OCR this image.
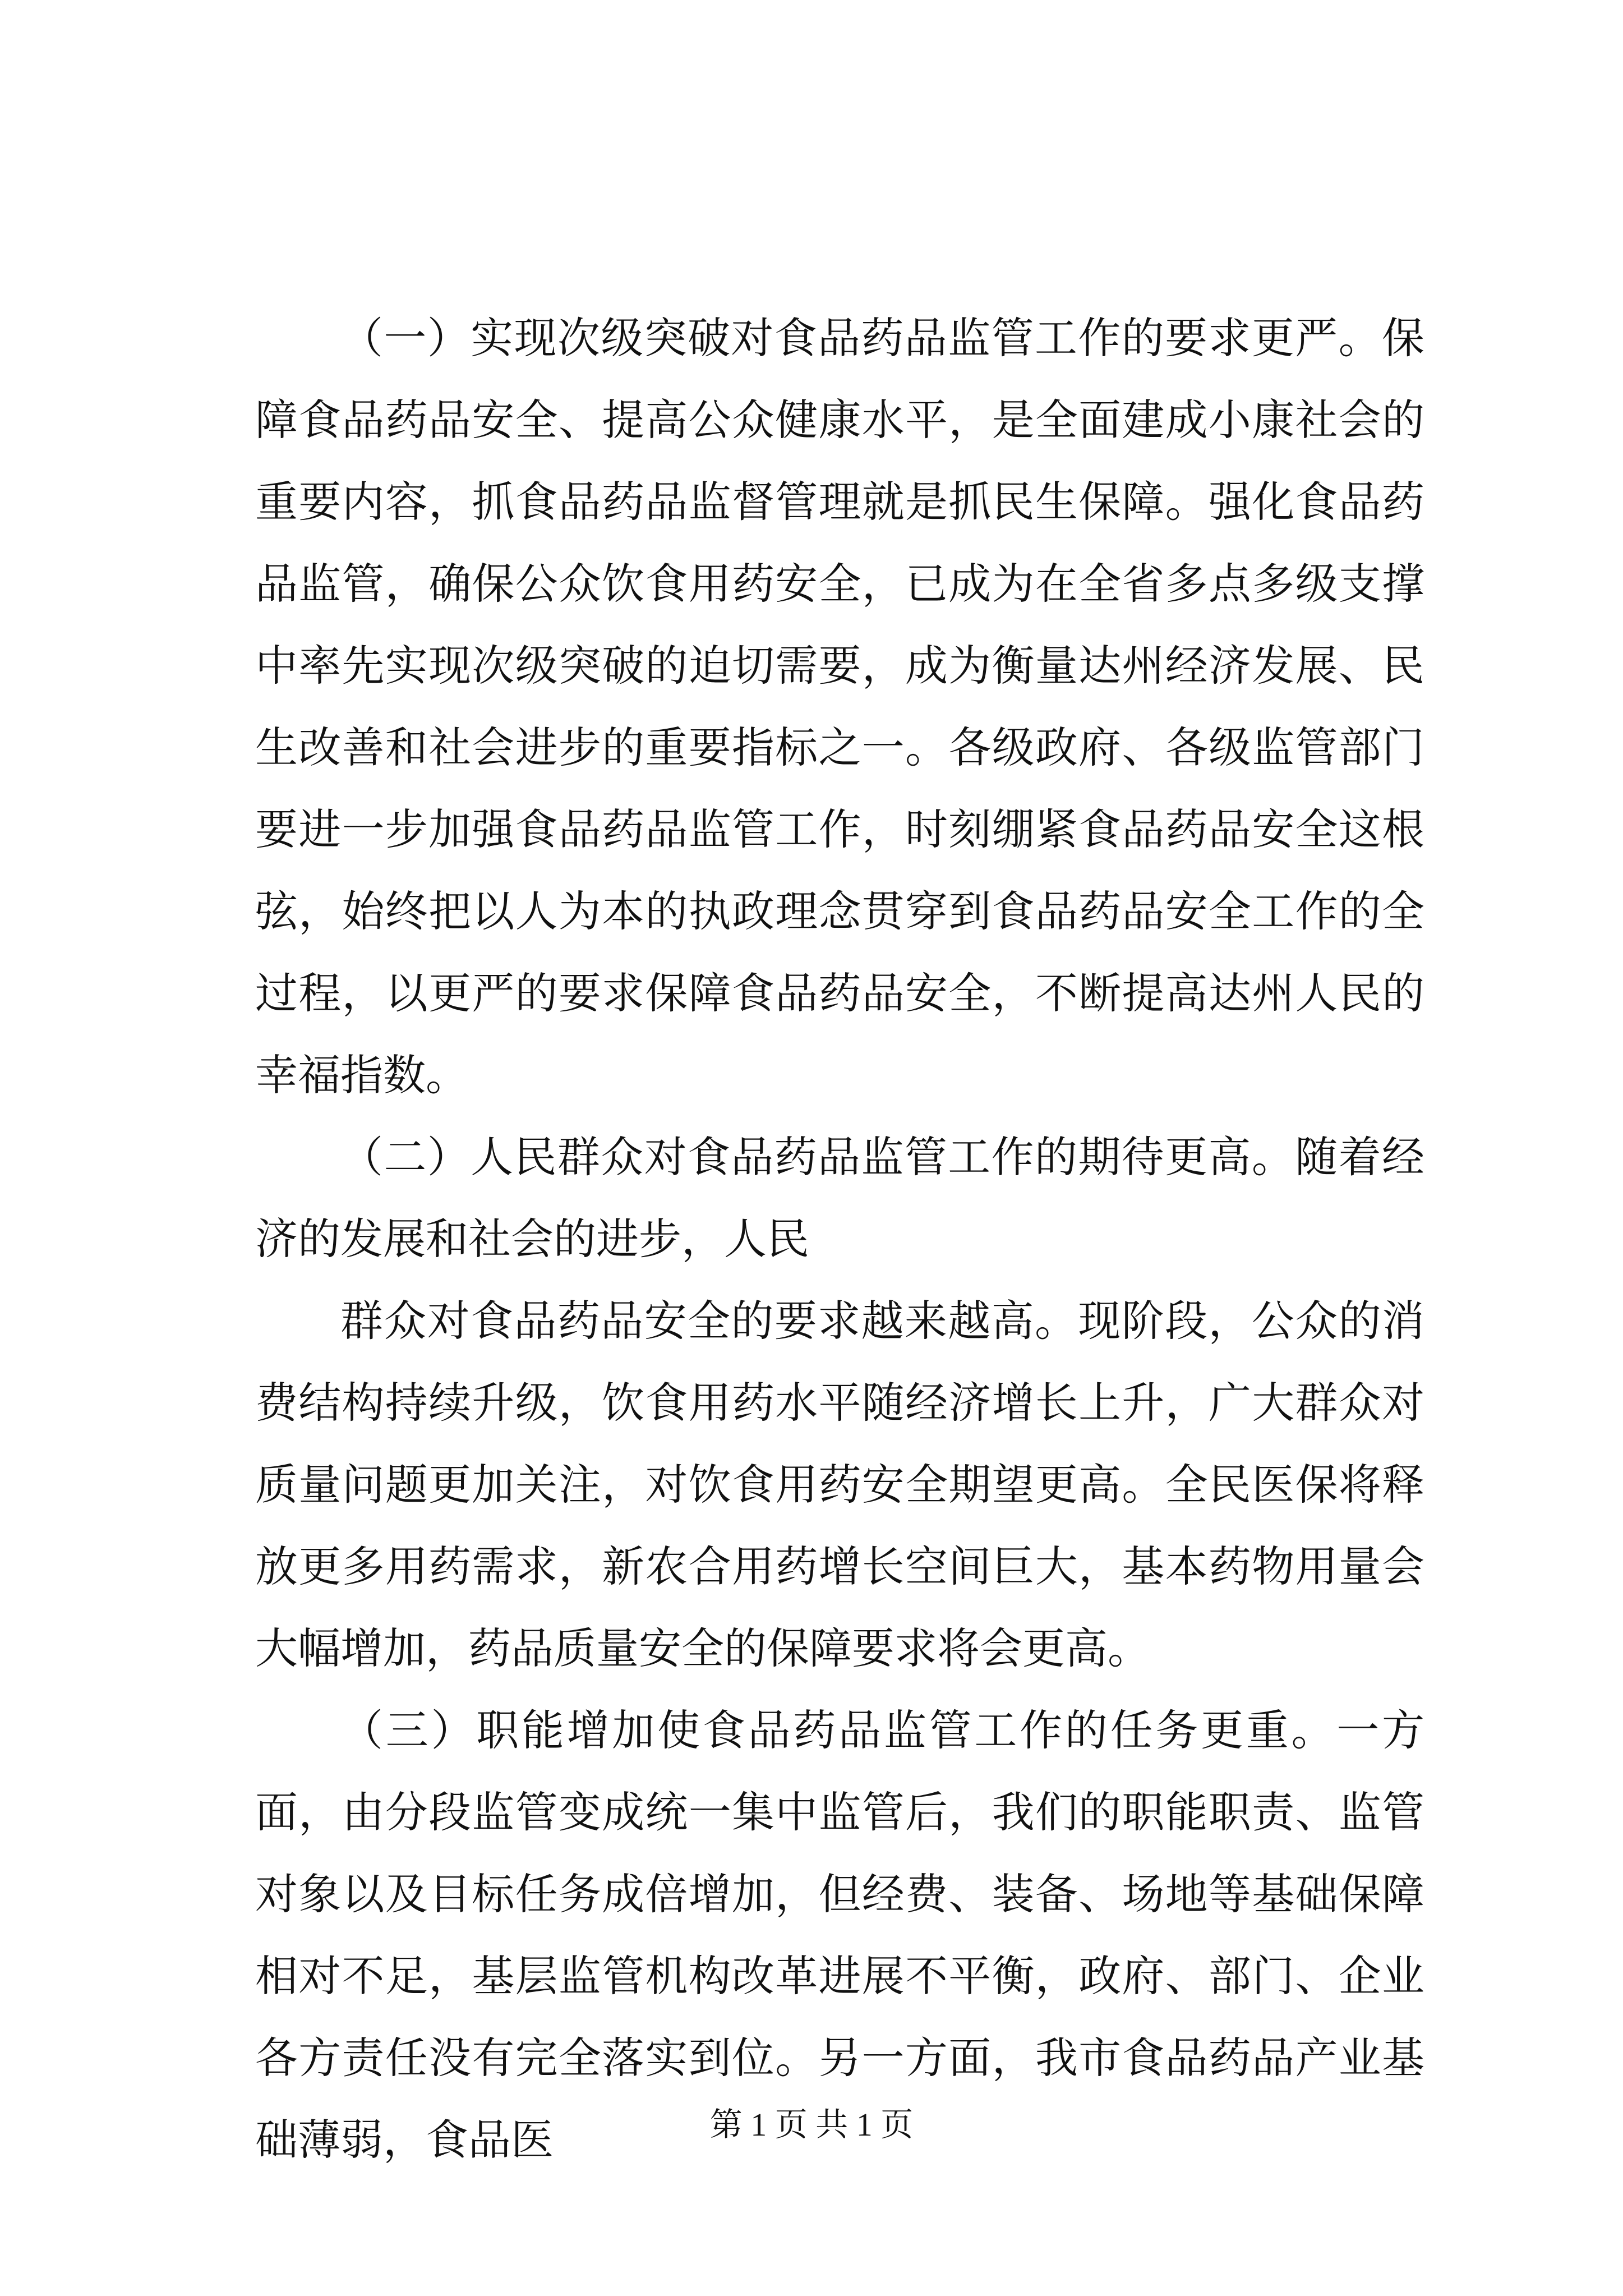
（一）实现次级突破对食品药品监管工作的要求更严。保障食品药品安全、提高公众健康水平，是全面建成小康社会的重要内容，抓食品药品监督管理就是抓民生保障。强化食品药品监管，确保公众饮食用药安全，已成为在全省多点多级支撑中率先实现次级突破的迫切需要，成为衡量达州经济发展、民生改善和社会进步的重要指标之一。各级政府、各级监管部门要进一步加强食品药品监管工作，时刻绷紧食品药品安全这根弦，始终把以人为本的执政理念贯穿到食品药品安全工作的全过程，以更严的要求保障食品药品安全，不断提高达州人民的幸福指数。

（二）人民群众对食品药品监管工作的期待更高。随着经济的发展和社会的进步，人民

群众对食品药品安全的要求越来越高。现阶段，公众的消费结构持续升级，饮食用药水平随经济增长上升，广大群众对质量问题更加关注，对饮食用药安全期望更高。全民医保将释放更多用药需求，新农合用药增长空间巨大，基本药物用量会大幅增加，药品质量安全的保障要求将会更高。

（三）职能增加使食品药品监管工作的任务更重。一方面，由分段监管变成统一集中监管后，我们的职能职责、监管对象以及目标任务成倍增加，但经费、装备、场地等基础保障相对不足，基层监管机构改革进展不平衡，政府、部门、企业各方责任没有完全落实到位。另一方面，我市食品药品产业基础薄弱，食品医	第 1 页 共 1 页
